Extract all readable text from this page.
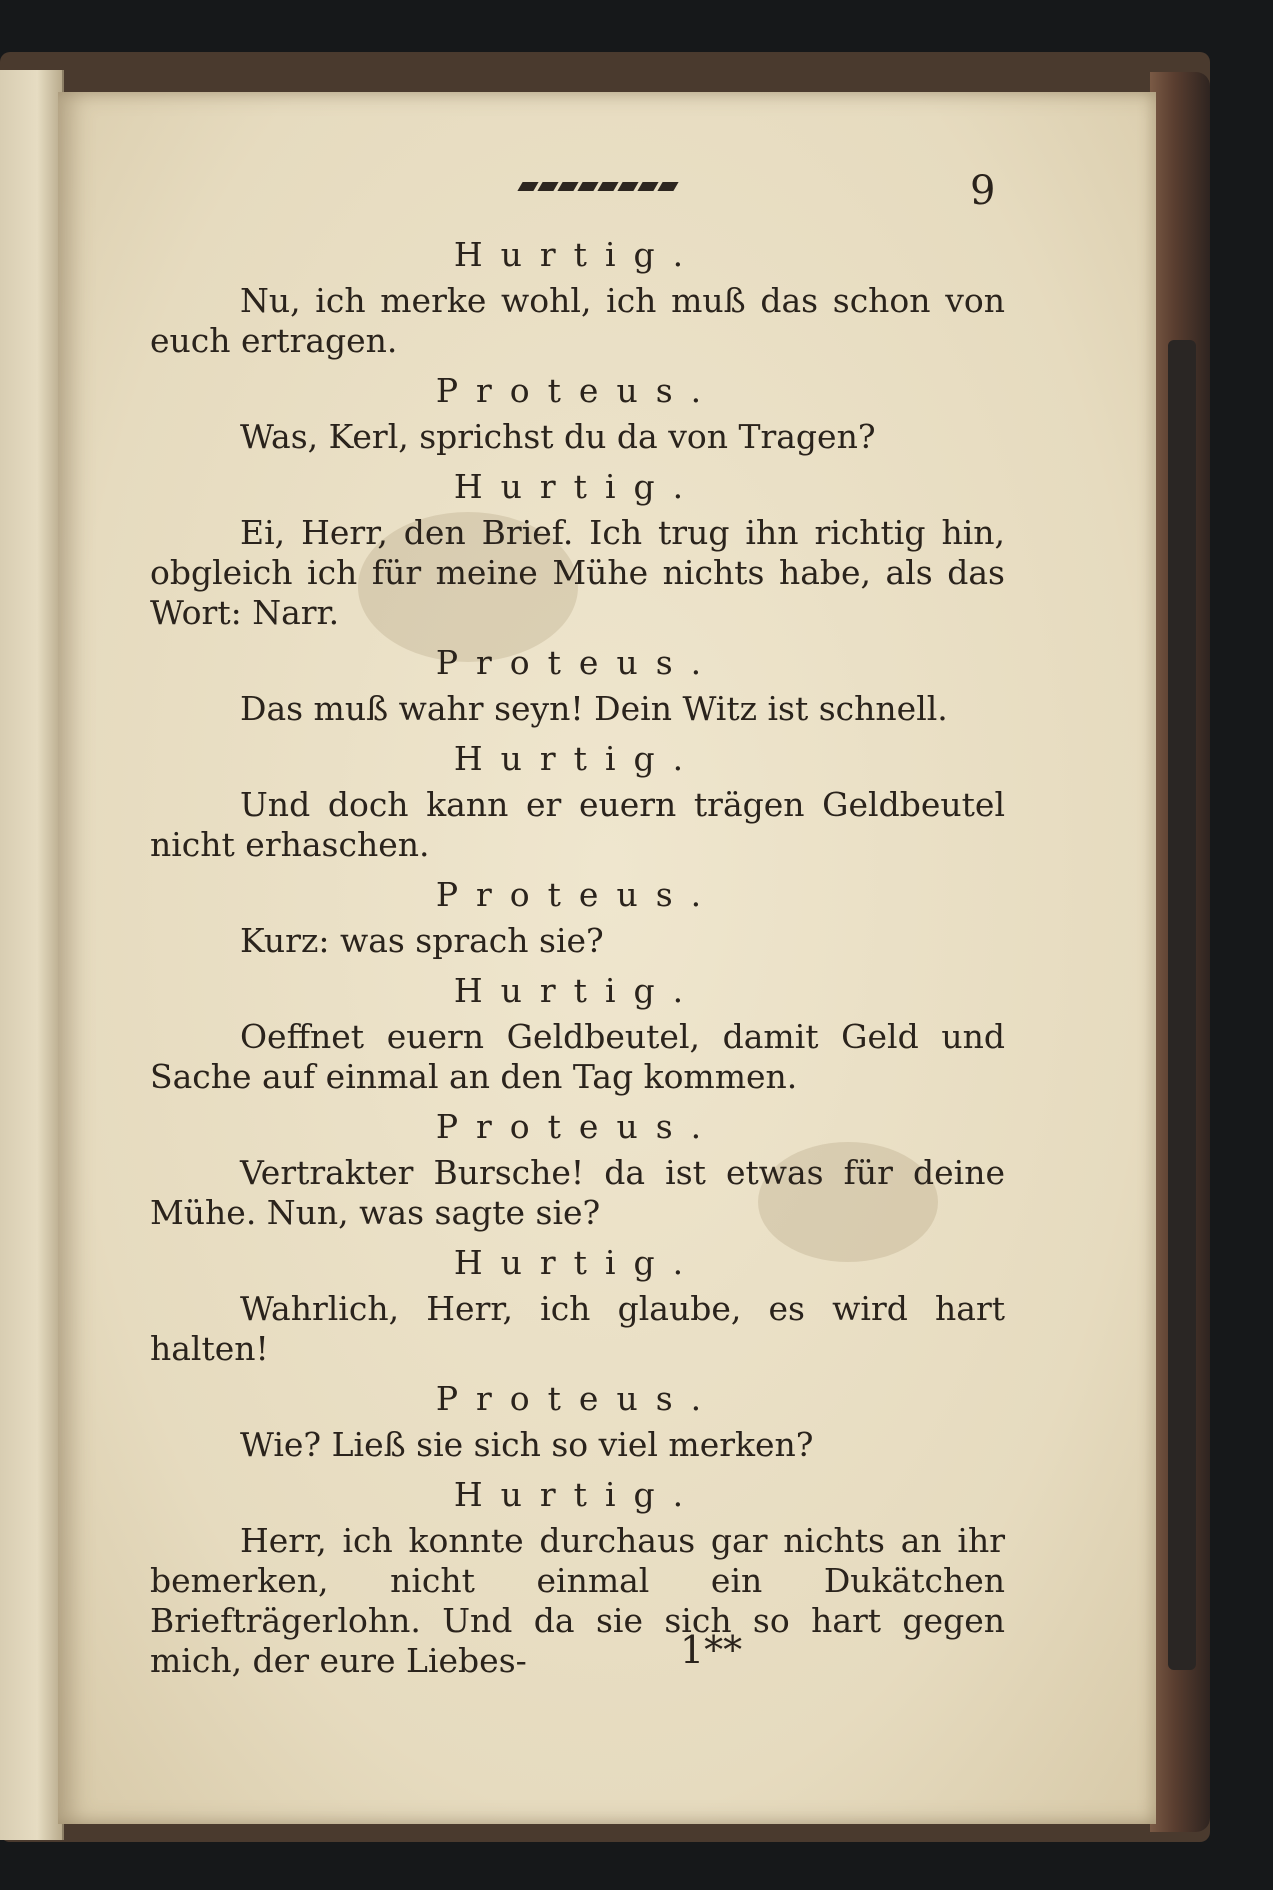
9
Hurtig.

Nu, ich merke wohl, ich muß das schon von euch ertragen.

Proteus.

Was, Kerl, sprichst du da von Tragen?

Hurtig.

Ei, Herr, den Brief. Ich trug ihn richtig hin, obgleich ich für meine Mühe nichts habe, als das Wort: Narr.

Proteus.

Das muß wahr seyn! Dein Witz ist schnell.

Hurtig.

Und doch kann er euern trägen Geldbeutel nicht erhaschen.

Proteus.

Kurz: was sprach sie?

Hurtig.

Oeffnet euern Geldbeutel, damit Geld und Sache auf einmal an den Tag kommen.

Proteus.

Vertrakter Bursche! da ist etwas für deine Mühe. Nun, was sagte sie?

Hurtig.

Wahrlich, Herr, ich glaube, es wird hart halten!

Proteus.

Wie? Ließ sie sich so viel merken?

Hurtig.

Herr, ich konnte durchaus gar nichts an ihr bemerken, nicht einmal ein Dukätchen Briefträgerlohn. Und da sie sich so hart gegen mich, der eure Liebes-	1**
